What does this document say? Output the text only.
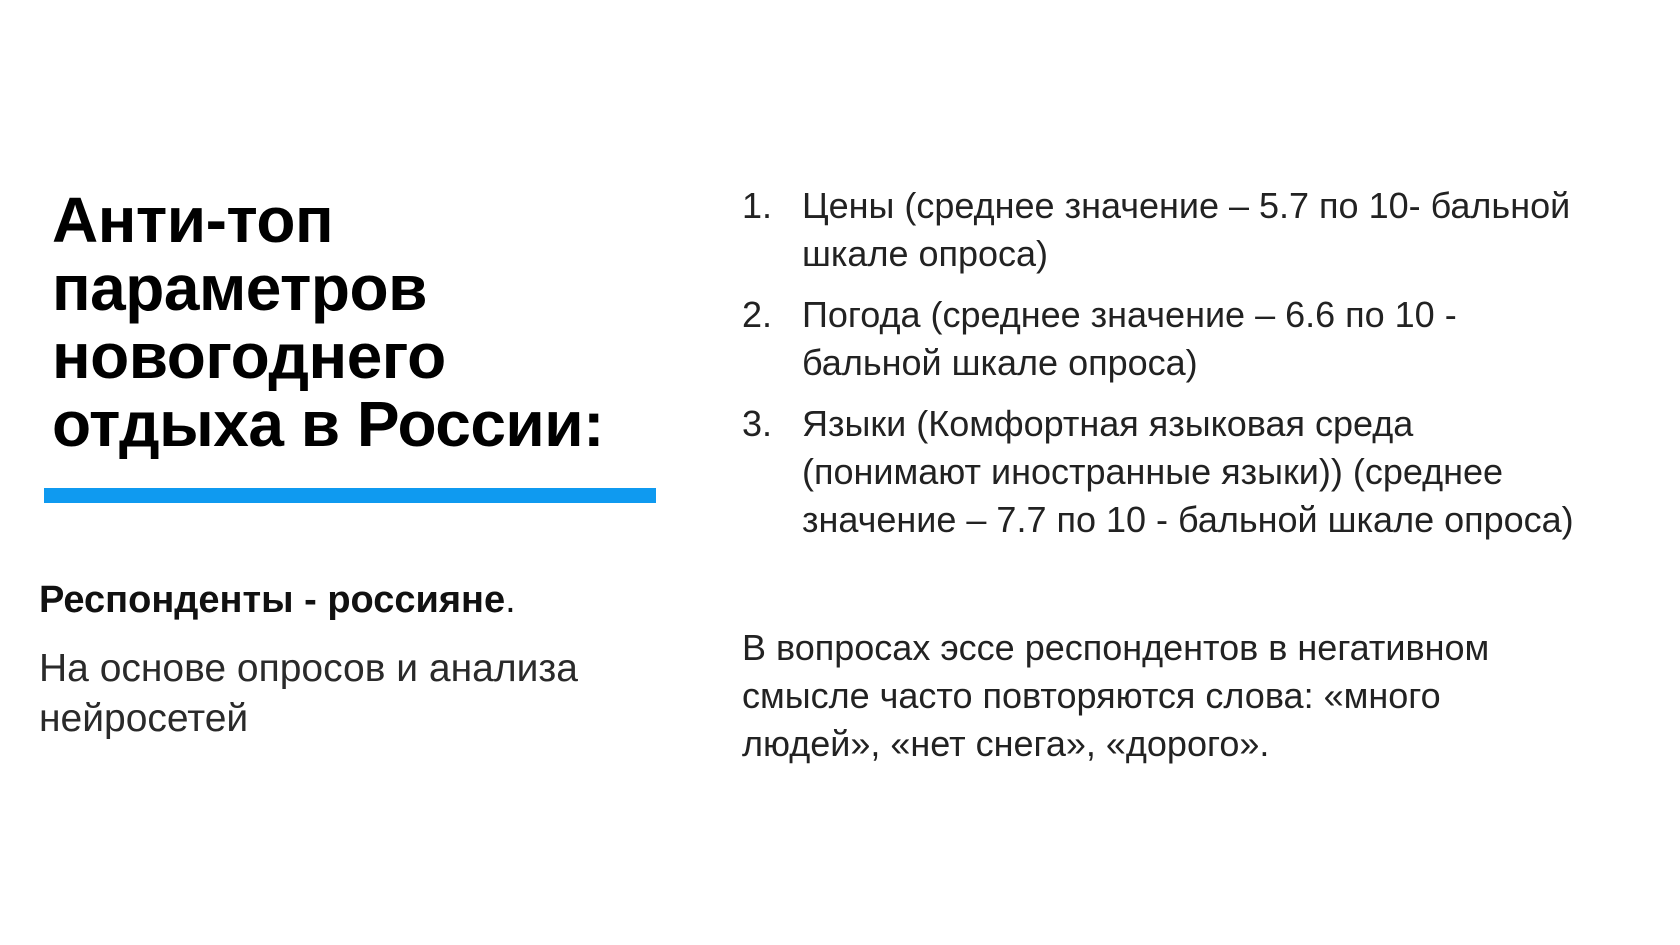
Анти-топ
параметров
новогоднего
отдыха в России:

Респонденты - россияне.

На основе опросов и анализа
нейросетей

1. Цены (среднее значение – 5.7 по 10- бальной
шкале опроса)
2. Погода (среднее значение – 6.6 по 10 -
бальной шкале опроса)
3. Языки (Комфортная языковая среда
(понимают иностранные языки)) (среднее
значение – 7.7 по 10 - бальной шкале опроса)

В вопросах эссе респондентов в негативном
смысле часто повторяются слова: «много
людей», «нет снега», «дорого».
